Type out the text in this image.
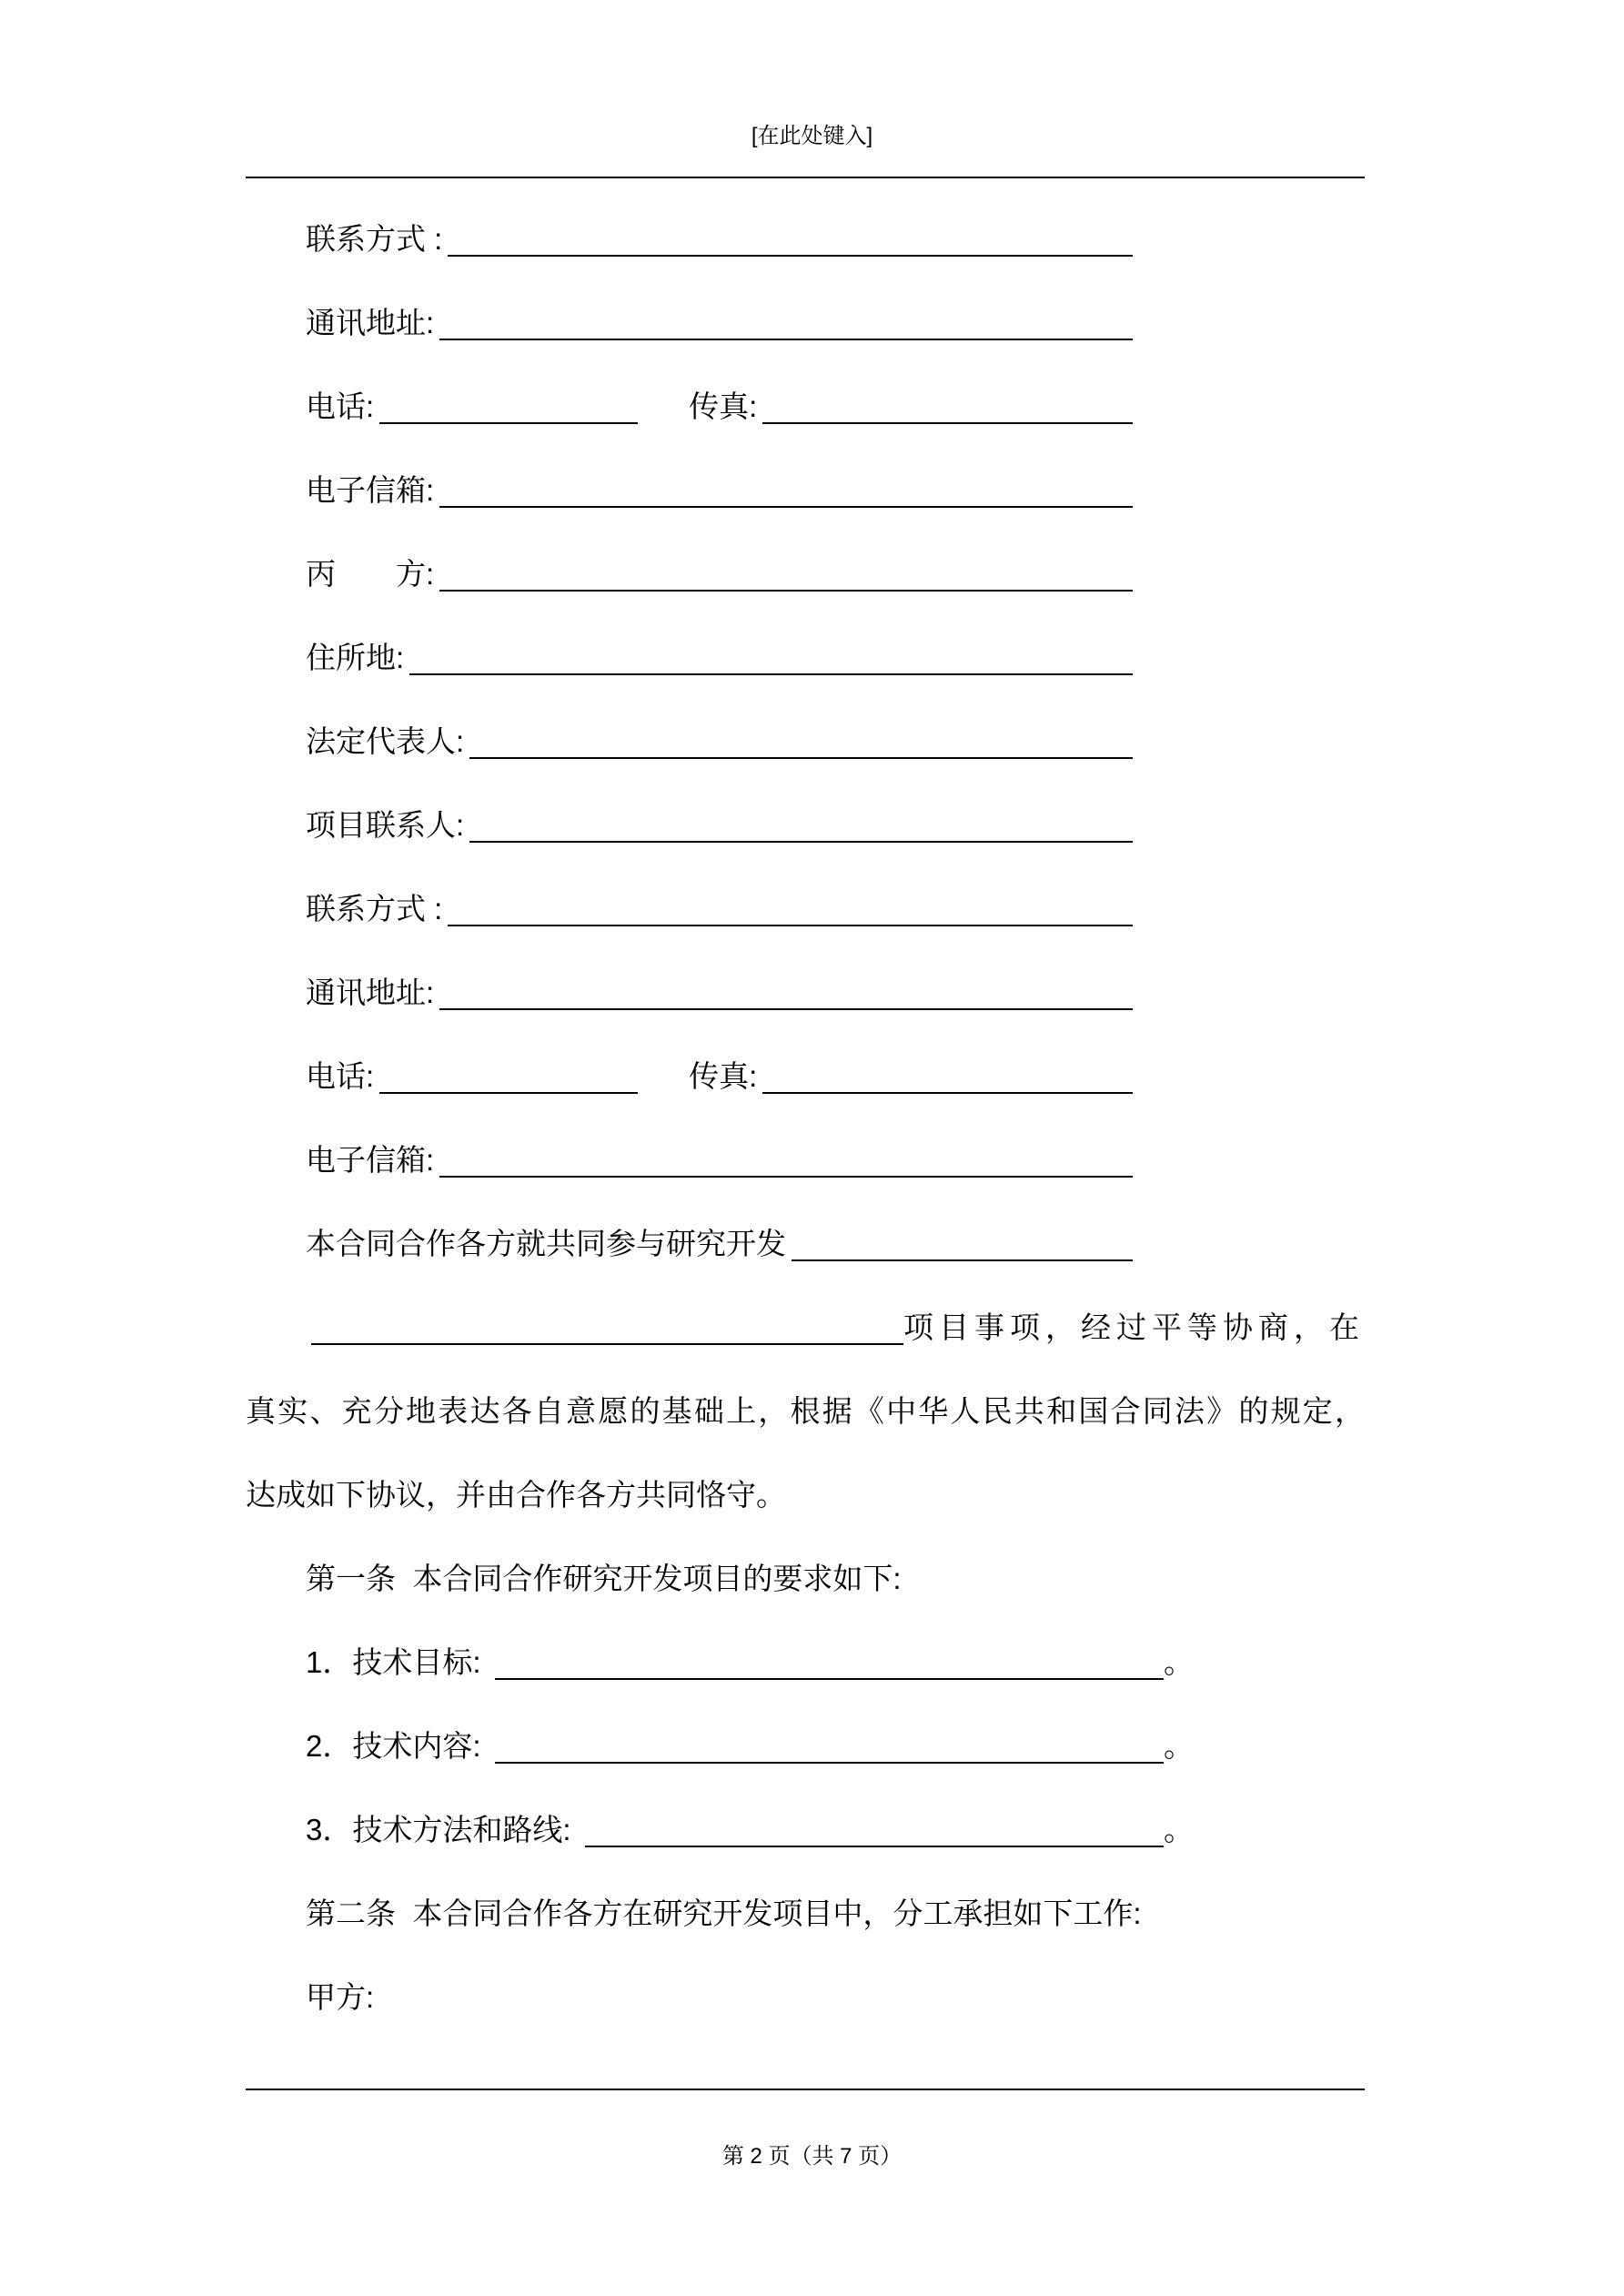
[在此处键入]
联系方式 :
通讯地址:
电话:	传真:
电子信箱:
丙　　方:
住所地:
法定代表人:
项目联系人:
联系方式 :
通讯地址:
电话:	传真:
电子信箱:
本合同合作各方就共同参与研究开发
项目事项，经过平等协商，在
真实、充分地表达各自意愿的基础上，根据《中华人民共和国合同法》的规定，
达成如下协议，并由合作各方共同恪守。
第一条  本合同合作研究开发项目的要求如下:
1．技术目标:	。
2．技术内容:	。
3．技术方法和路线:	。
第二条  本合同合作各方在研究开发项目中，分工承担如下工作:
甲方:
第 2 页（共 7 页）
